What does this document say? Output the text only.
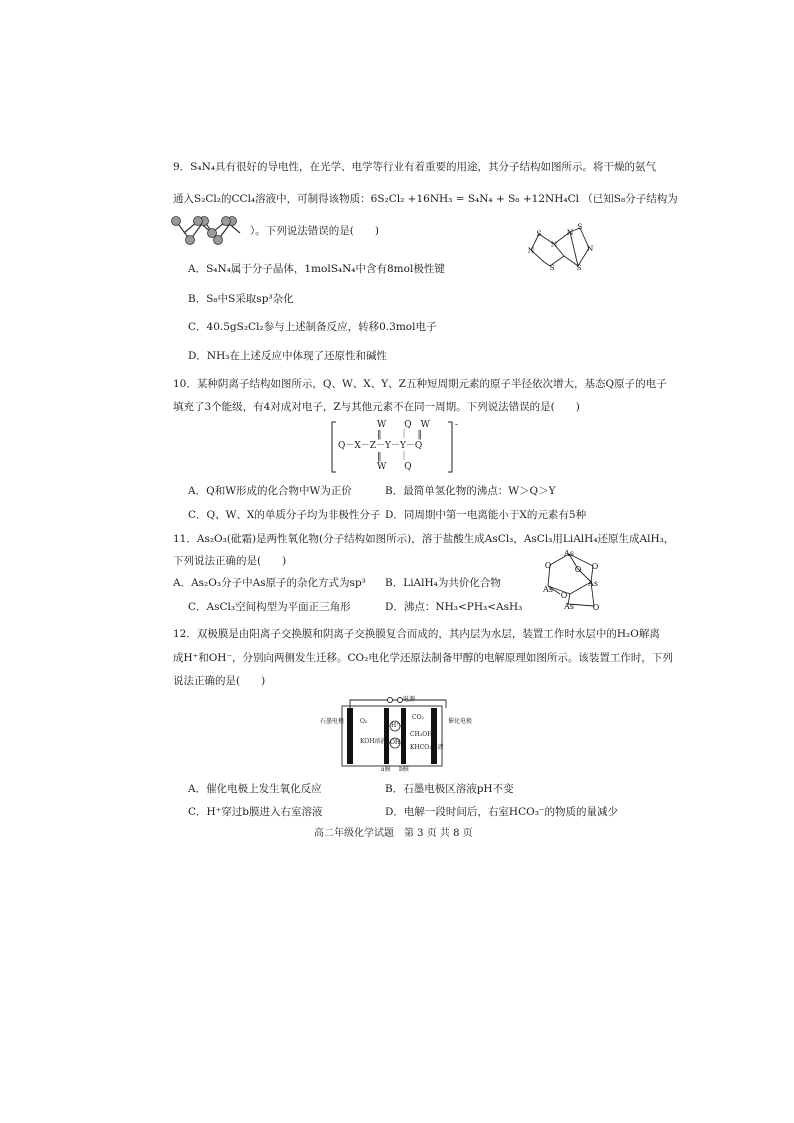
9．S₄N₄具有很好的导电性，在光学、电学等行业有着重要的用途，其分子结构如图所示。将干燥的氨气
通入S₂Cl₂的CCl₄溶液中，可制得该物质：6S₂Cl₂ +16NH₃ = S₄N₄ + S₈ +12NH₄Cl （已知S₈分子结构为
）。下列说法错误的是(　　)	S
N
N
N
S
N
S
S
A．S₄N₄属于分子晶体，1molS₄N₄中含有8mol极性键
B．S₈中S采取sp³杂化
C．40.5gS₂Cl₂参与上述制备反应，转移0.3mol电子
D．NH₃在上述反应中体现了还原性和碱性
10．某种阴离子结构如图所示，Q、W、X、Y、Z五种短周期元素的原子半径依次增大，基态Q原子的电子
填充了3个能级，有4对成对电子，Z与其他元素不在同一周期。下列说法错误的是(　　)
W　　Q　W
‖　　｜　‖
Q－X－Z－Y－Y－Q
‖　　｜
W　　Q
-
A．Q和W形成的化合物中W为正价	B．最简单氢化物的沸点：W＞Q＞Y
C．Q、W、X的单质分子均为非极性分子 D．同周期中第一电离能小于X的元素有5种
11．As₂O₃(砒霜)是两性氧化物(分子结构如图所示)，溶于盐酸生成AsCl₃，AsCl₃用LiAlH₄还原生成AlH₃，
下列说法正确的是(　　)
As
O	O O
As
As
O
As O
A．As₂O₃分子中As原子的杂化方式为sp³ B．LiAlH₄为共价化合物
C．AsCl₃空间构型为平面正三角形	D．沸点：NH₃<PH₃<AsH₃
12．双极膜是由阳离子交换膜和阴离子交换膜复合而成的，其内层为水层，装置工作时水层中的H₂O解离
成H⁺和OH⁻，分别向两侧发生迁移。CO₂电化学还原法制备甲醇的电解原理如图所示。该装置工作时，下列
说法正确的是(　　)
电源
石墨电极	催化电极
O₂
KOH溶液
H⁺
OH⁻
CO₂
CH₃OH
KHCO₃溶液
a膜 b膜
A．催化电极上发生氧化反应	B．石墨电极区溶液pH不变
C．H⁺穿过b膜进入右室溶液	D．电解一段时间后，右室HCO₃⁻的物质的量减少
高二年级化学试题　第 3 页 共 8 页
